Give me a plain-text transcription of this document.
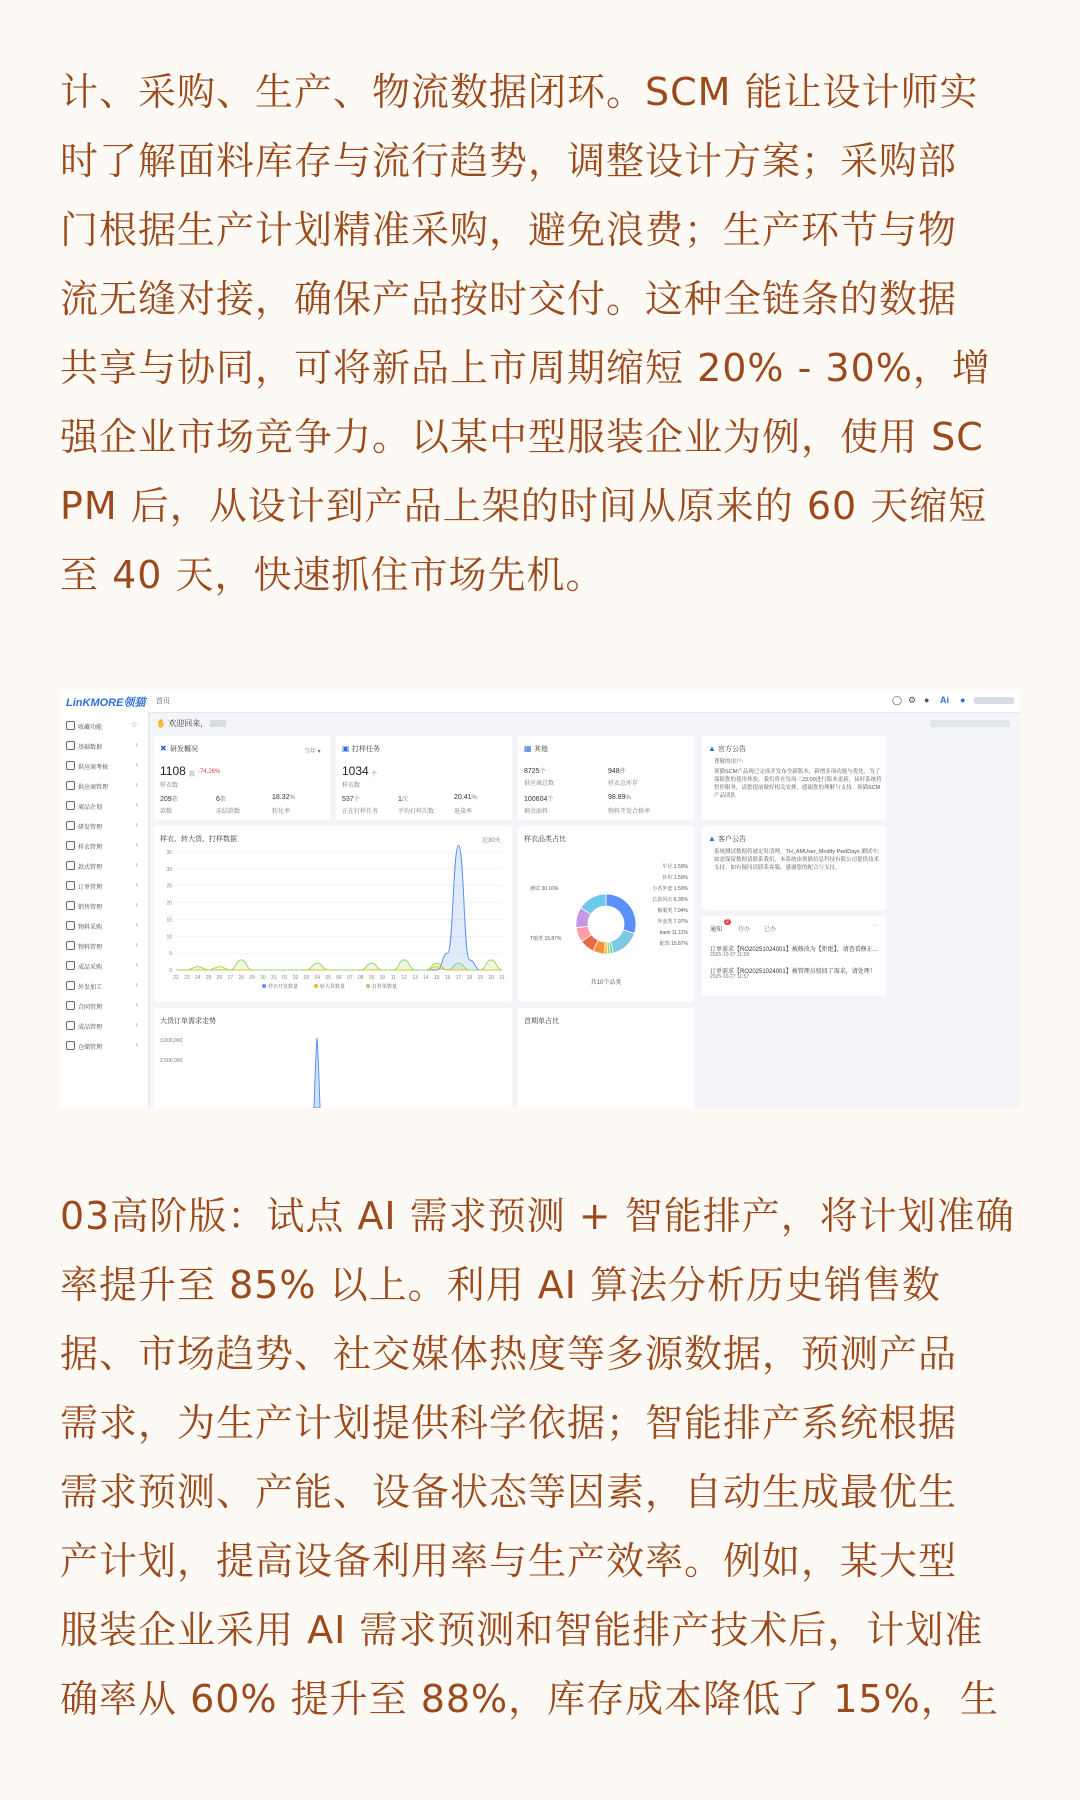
计、采购、生产、物流数据闭环。SCM 能让设计师实
时了解面料库存与流行趋势，调整设计方案；采购部
门根据生产计划精准采购，避免浪费；生产环节与物
流无缝对接，确保产品按时交付。这种全链条的数据
共享与协同，可将新品上市周期缩短 20% - 30%，增
强企业市场竞争力。以某中型服装企业为例，使用 SC
PM 后，从设计到产品上架的时间从原来的 60 天缩短
至 40 天，快速抓住市场先机。
LinKMORE领猫 首页	◯ ⚙ ● Ai ●
收藏功能	☆
基础数据	›
供应商考核	›
供应商管理	›
商品企划	›
研发管理	›
样衣管理	›
款式管理	›
订单管理	›
销售管理	›
物料采购	›
物料管理	›
成品采购	›
外发加工	›
合同管理	›
成品管理	›
仓储管理	›
✋ 欢迎回来，
✖ 研发概况	当年 ▾
1108 款 -74.26%
样衣数
209款
款数
6款
冻结款数
18.32%
转化率
▣ 打样任务
1034 个
样衣数
537个
正在打样任务
1次
平均打样次数
20.41%
退染率
▦ 其他
8725个
供应商总数
948件
样衣总库存
100604个
剩余面料
98.89%
物料开发合格率
▲ 官方公告
尊敬的用户：
领猫SCM产品现已完成并发布全新版本，新增多项功能与优化，为了保障您的使用体验，我们将在每周三23:00进行版本更新，届时系统将暂停服务，请您提前做好相关安排，感谢您的理解与支持。领猫SCM产品团队
▲ 客户公告
系统测试数据将被定时清理，TH_AMUser_Modify PwdDays 测试中，如需保留数据请联系我们，本系统由领猫信息科技有限公司提供技术支持，如有疑问请联系客服，感谢您的配合与支持。
通知
2
待办 已办
⋯
订单需求【RO20251024001】被修改为【拒绝】，请查看修正...
2025-10-27 11:58
订单需求【RO20251024001】被管理员驳回了需求，请处理！
2025-10-27 11:57
样衣、转大货、打样数据	近30天
0
5
10
15
20
25
30
35
22 23 24 25 26 27 28 29 30 31 01 02 03 04 05 06 07 08 09 10 11 12 13 14 15 16 17 18 19 20 21
样衣开发数量	转大货数量	打样单数量
样衣品类占比
测试 30.16%
T恤类 15.87%
牛仔 1.59%
针织 1.59%
小香外套 1.59%
长款风衣 6.35%
棉服类 7.94%
外套类 7.97%
kami 11.11%
配饰 15.87%
共10个品类
大货订单需求走势
3,000,000
2,500,000
首期单占比
03高阶版：试点 AI 需求预测 + 智能排产，将计划准确
率提升至 85% 以上。利用 AI 算法分析历史销售数
据、市场趋势、社交媒体热度等多源数据，预测产品
需求，为生产计划提供科学依据；智能排产系统根据
需求预测、产能、设备状态等因素，自动生成最优生
产计划，提高设备利用率与生产效率。例如，某大型
服装企业采用 AI 需求预测和智能排产技术后，计划准
确率从 60% 提升至 88%，库存成本降低了 15%，生
